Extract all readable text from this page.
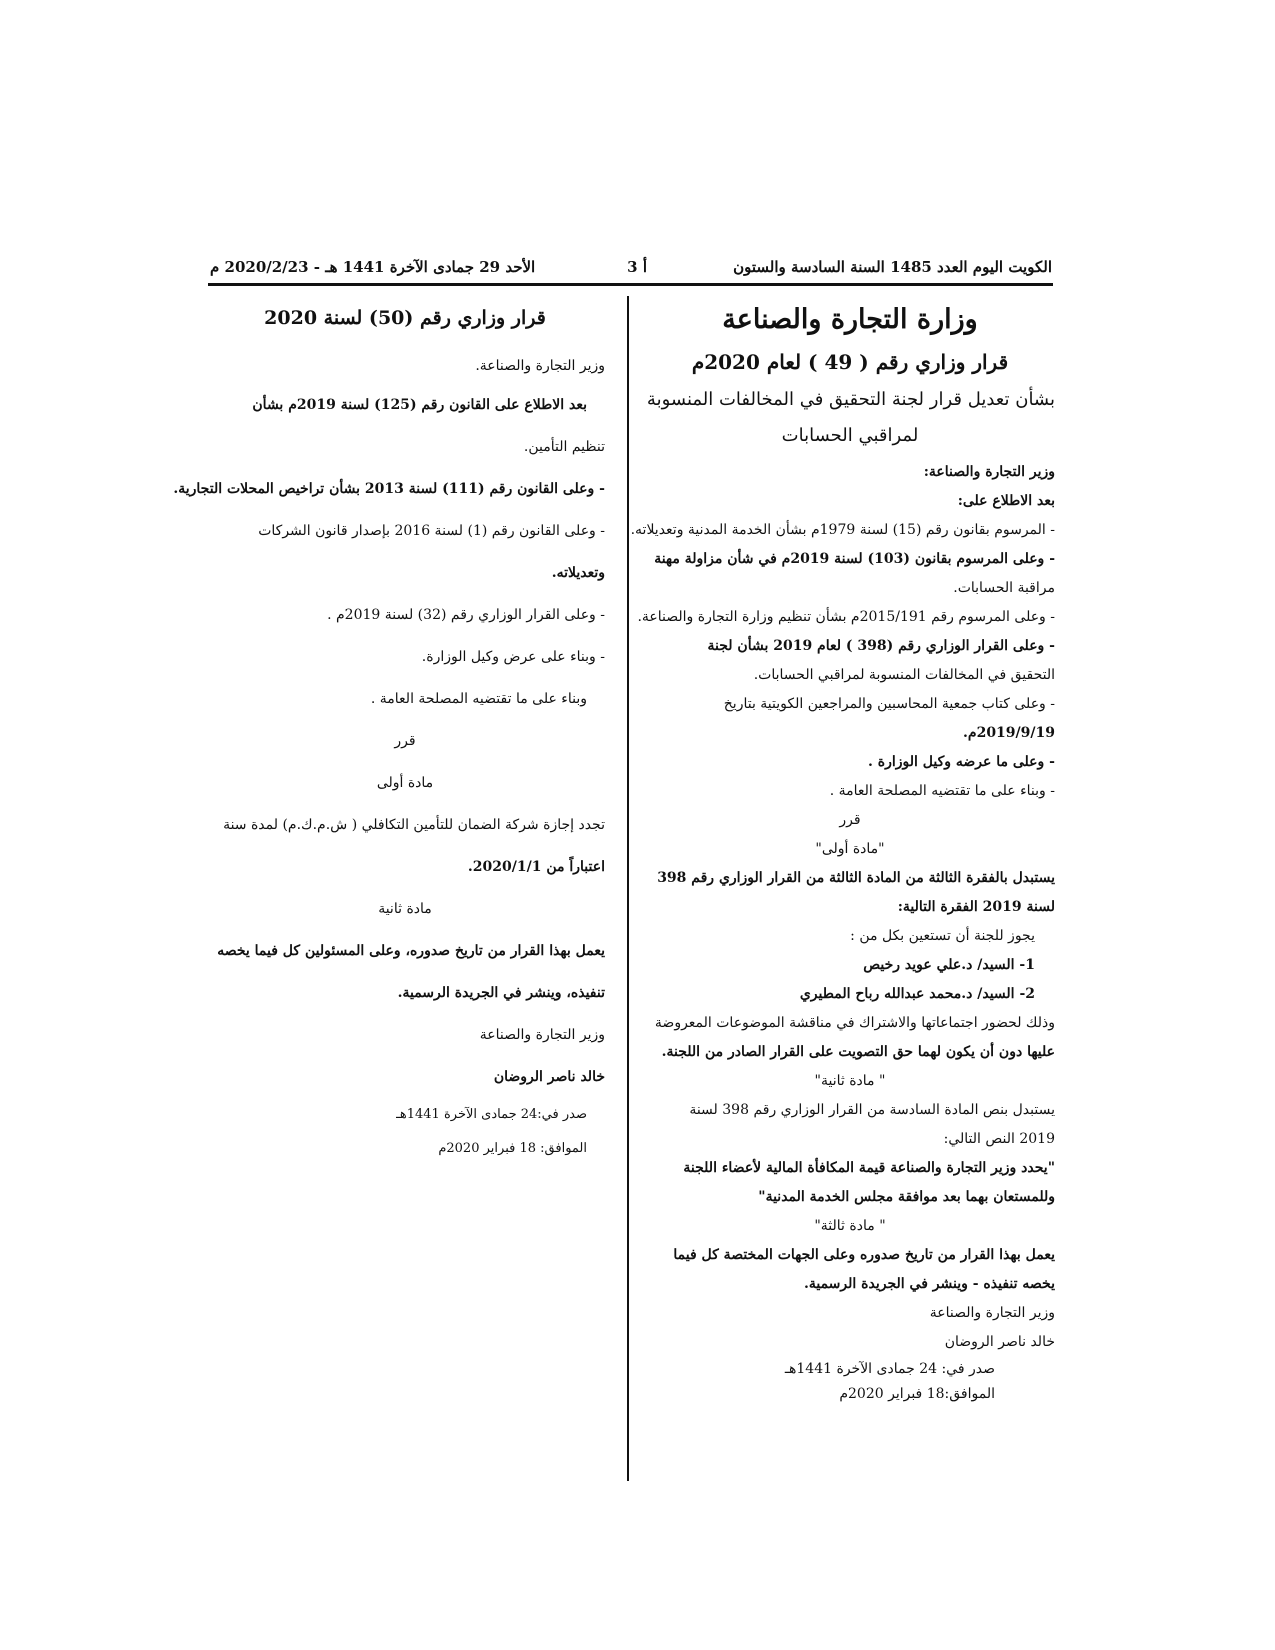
الكويت اليوم العدد 1485 السنة السادسة والستون
أ 3
الأحد 29 جمادى الآخرة 1441 هـ - 2020/2/23 م

وزارة التجارة والصناعة

قرار وزاري رقم ( 49 ) لعام 2020م

بشأن تعديل قرار لجنة التحقيق في المخالفات المنسوبة

لمراقبي الحسابات

وزير التجارة والصناعة:

بعد الاطلاع على:

- المرسوم بقانون رقم (15) لسنة 1979م بشأن الخدمة المدنية وتعديلاته.

- وعلى المرسوم بقانون (103) لسنة 2019م في شأن مزاولة مهنة

مراقبة الحسابات.

- وعلى المرسوم رقم 2015/191م بشأن تنظيم وزارة التجارة والصناعة.

- وعلى القرار الوزاري رقم (398 ) لعام 2019 بشأن لجنة

التحقيق في المخالفات المنسوبة لمراقبي الحسابات.

- وعلى كتاب جمعية المحاسبين والمراجعين الكويتية بتاريخ

2019/9/19م.

- وعلى ما عرضه وكيل الوزارة .

- وبناء على ما تقتضيه المصلحة العامة .

قرر

"مادة أولى"

يستبدل بالفقرة الثالثة من المادة الثالثة من القرار الوزاري رقم 398

لسنة 2019 الفقرة التالية:

يجوز للجنة أن تستعين بكل من :

1- السيد/ د.علي عويد رخيص

2- السيد/ د.محمد عبدالله رباح المطيري

وذلك لحضور اجتماعاتها والاشتراك في مناقشة الموضوعات المعروضة

عليها دون أن يكون لهما حق التصويت على القرار الصادر من اللجنة.

" مادة ثانية"

يستبدل بنص المادة السادسة من القرار الوزاري رقم 398 لسنة

2019 النص التالي:

"يحدد وزير التجارة والصناعة قيمة المكافأة المالية لأعضاء اللجنة

وللمستعان بهما بعد موافقة مجلس الخدمة المدنية"

" مادة ثالثة"

يعمل بهذا القرار من تاريخ صدوره وعلى الجهات المختصة كل فيما

يخصه تنفيذه - وينشر في الجريدة الرسمية.

وزير التجارة والصناعة

خالد ناصر الروضان

صدر في: 24 جمادى الآخرة 1441هـ

الموافق:18 فبراير 2020م

قرار وزاري رقم (50) لسنة 2020

وزير التجارة والصناعة.

بعد الاطلاع على القانون رقم (125) لسنة 2019م بشأن

تنظيم التأمين.

- وعلى القانون رقم (111) لسنة 2013 بشأن تراخيص المحلات التجارية.

- وعلى القانون رقم (1) لسنة 2016 بإصدار قانون الشركات

وتعديلاته.

- وعلى القرار الوزاري رقم (32) لسنة 2019م .

- وبناء على عرض وكيل الوزارة.

وبناء على ما تقتضيه المصلحة العامة .

قرر

مادة أولى

تجدد إجازة شركة الضمان للتأمين التكافلي ( ش.م.ك.م) لمدة سنة

اعتباراً من 2020/1/1.

مادة ثانية

يعمل بهذا القرار من تاريخ صدوره، وعلى المسئولين كل فيما يخصه

تنفيذه، وينشر في الجريدة الرسمية.

وزير التجارة والصناعة

خالد ناصر الروضان

صدر في:24 جمادى الآخرة 1441هـ

الموافق: 18 فبراير 2020م
